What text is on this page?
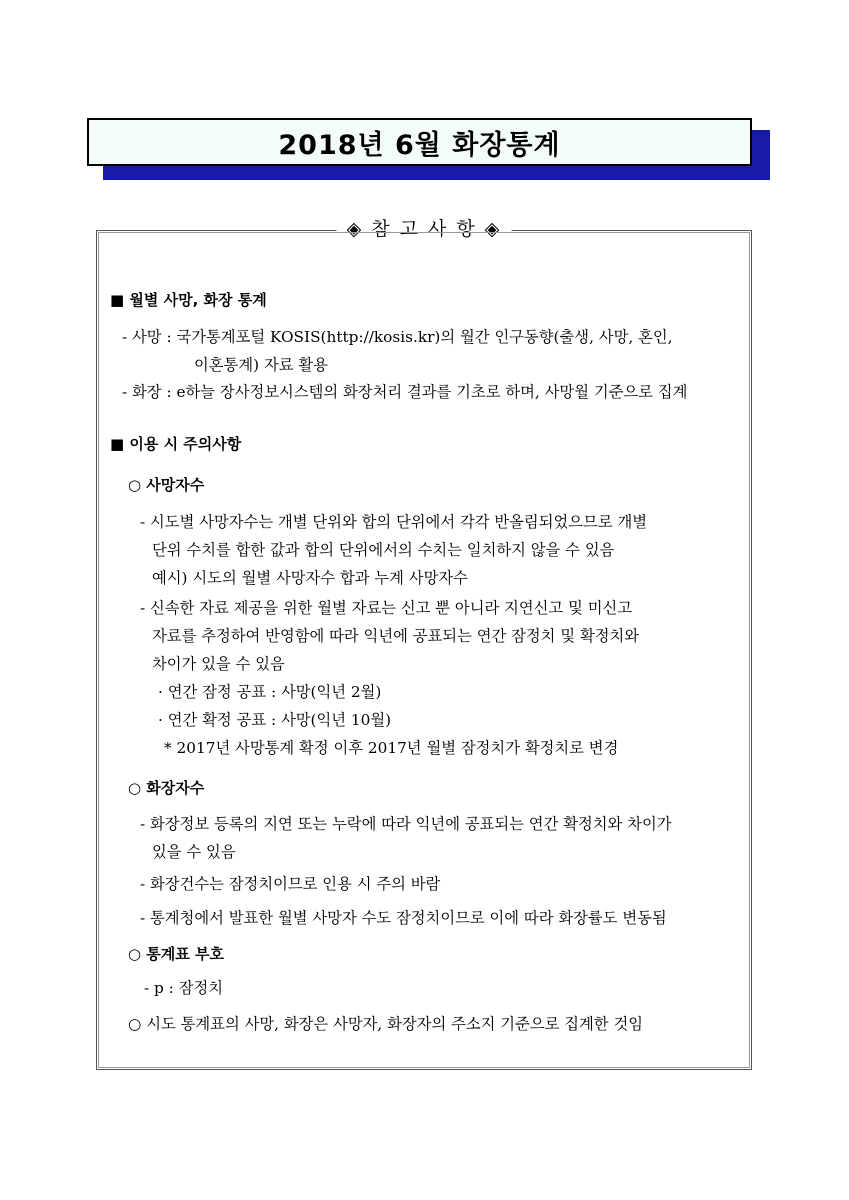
2018년 6월 화장통계
◈ 참 고 사 항 ◈
■ 월별 사망, 화장 통계
- 사망 : 국가통계포털 KOSIS(http://kosis.kr)의 월간 인구동향(출생, 사망, 혼인,
이혼통계) 자료 활용
- 화장 : e하늘 장사정보시스템의 화장처리 결과를 기초로 하며, 사망월 기준으로 집계
■ 이용 시 주의사항
○ 사망자수
- 시도별 사망자수는 개별 단위와 합의 단위에서 각각 반올림되었으므로 개별
단위 수치를 합한 값과 합의 단위에서의 수치는 일치하지 않을 수 있음
예시) 시도의 월별 사망자수 합과 누계 사망자수
- 신속한 자료 제공을 위한 월별 자료는 신고 뿐 아니라 지연신고 및 미신고
자료를 추정하여 반영함에 따라 익년에 공표되는 연간 잠정치 및 확정치와
차이가 있을 수 있음
· 연간 잠정 공표 : 사망(익년 2월)
· 연간 확정 공표 : 사망(익년 10월)
* 2017년 사망통계 확정 이후 2017년 월별 잠정치가 확정치로 변경
○ 화장자수
- 화장정보 등록의 지연 또는 누락에 따라 익년에 공표되는 연간 확정치와 차이가
있을 수 있음
- 화장건수는 잠정치이므로 인용 시 주의 바람
- 통계청에서 발표한 월별 사망자 수도 잠정치이므로 이에 따라 화장률도 변동됨
○ 통계표 부호
- p : 잠정치
○ 시도 통계표의 사망, 화장은 사망자, 화장자의 주소지 기준으로 집계한 것임
